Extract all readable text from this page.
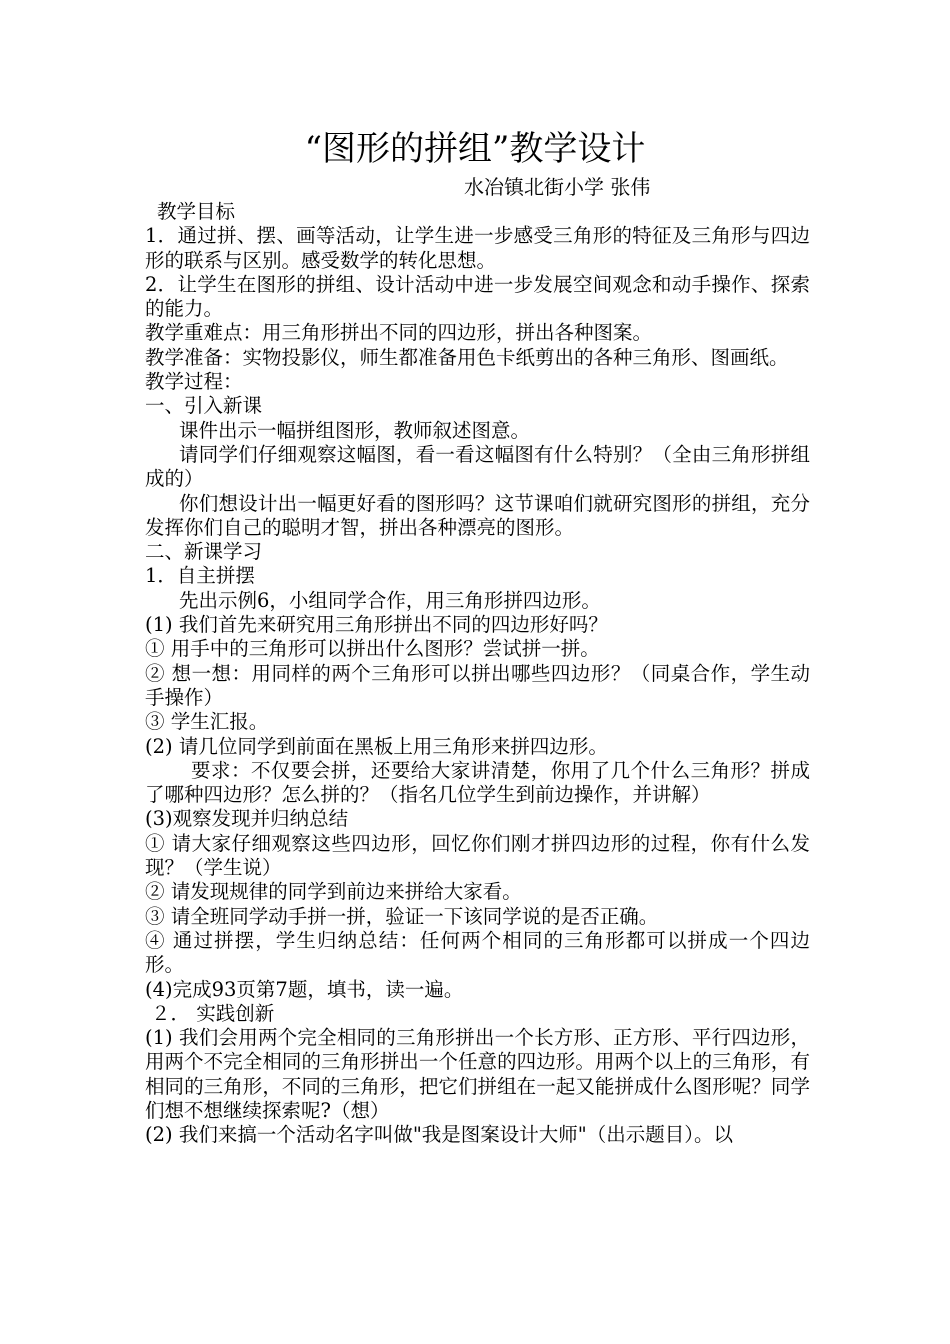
“图形的拼组”教学设计
水冶镇北街小学 张伟

教学目标

1．通过拼、摆、画等活动，让学生进一步感受三角形的特征及三角形与四边形的联系与区别。感受数学的转化思想。

2．让学生在图形的拼组、设计活动中进一步发展空间观念和动手操作、探索的能力。

教学重难点：用三角形拼出不同的四边形，拼出各种图案。

教学准备：实物投影仪，师生都准备用色卡纸剪出的各种三角形、图画纸。

教学过程：

一、引入新课

课件出示一幅拼组图形，教师叙述图意。

请同学们仔细观察这幅图，看一看这幅图有什么特别？（全由三角形拼组成的）

你们想设计出一幅更好看的图形吗？这节课咱们就研究图形的拼组，充分发挥你们自己的聪明才智，拼出各种漂亮的图形。

二、新课学习

1．自主拼摆

先出示例6，小组同学合作，用三角形拼四边形。

(1) 我们首先来研究用三角形拼出不同的四边形好吗？

① 用手中的三角形可以拼出什么图形？尝试拼一拼。

② 想一想：用同样的两个三角形可以拼出哪些四边形？（同桌合作，学生动手操作）

③ 学生汇报。

(2) 请几位同学到前面在黑板上用三角形来拼四边形。

要求：不仅要会拼，还要给大家讲清楚，你用了几个什么三角形？拼成了哪种四边形？怎么拼的？（指名几位学生到前边操作，并讲解）

(3)观察发现并归纳总结

① 请大家仔细观察这些四边形，回忆你们刚才拼四边形的过程，你有什么发现？（学生说）

② 请发现规律的同学到前边来拼给大家看。

③ 请全班同学动手拼一拼，验证一下该同学说的是否正确。

④ 通过拼摆，学生归纳总结：任何两个相同的三角形都可以拼成一个四边形。

(4)完成93页第7题，填书，读一遍。

２． 实践创新

(1) 我们会用两个完全相同的三角形拼出一个长方形、正方形、平行四边形，用两个不完全相同的三角形拼出一个任意的四边形。用两个以上的三角形，有相同的三角形，不同的三角形，把它们拼组在一起又能拼成什么图形呢？同学们想不想继续探索呢?（想）

(2) 我们来搞一个活动名字叫做"我是图案设计大师"（出示题目）。以
